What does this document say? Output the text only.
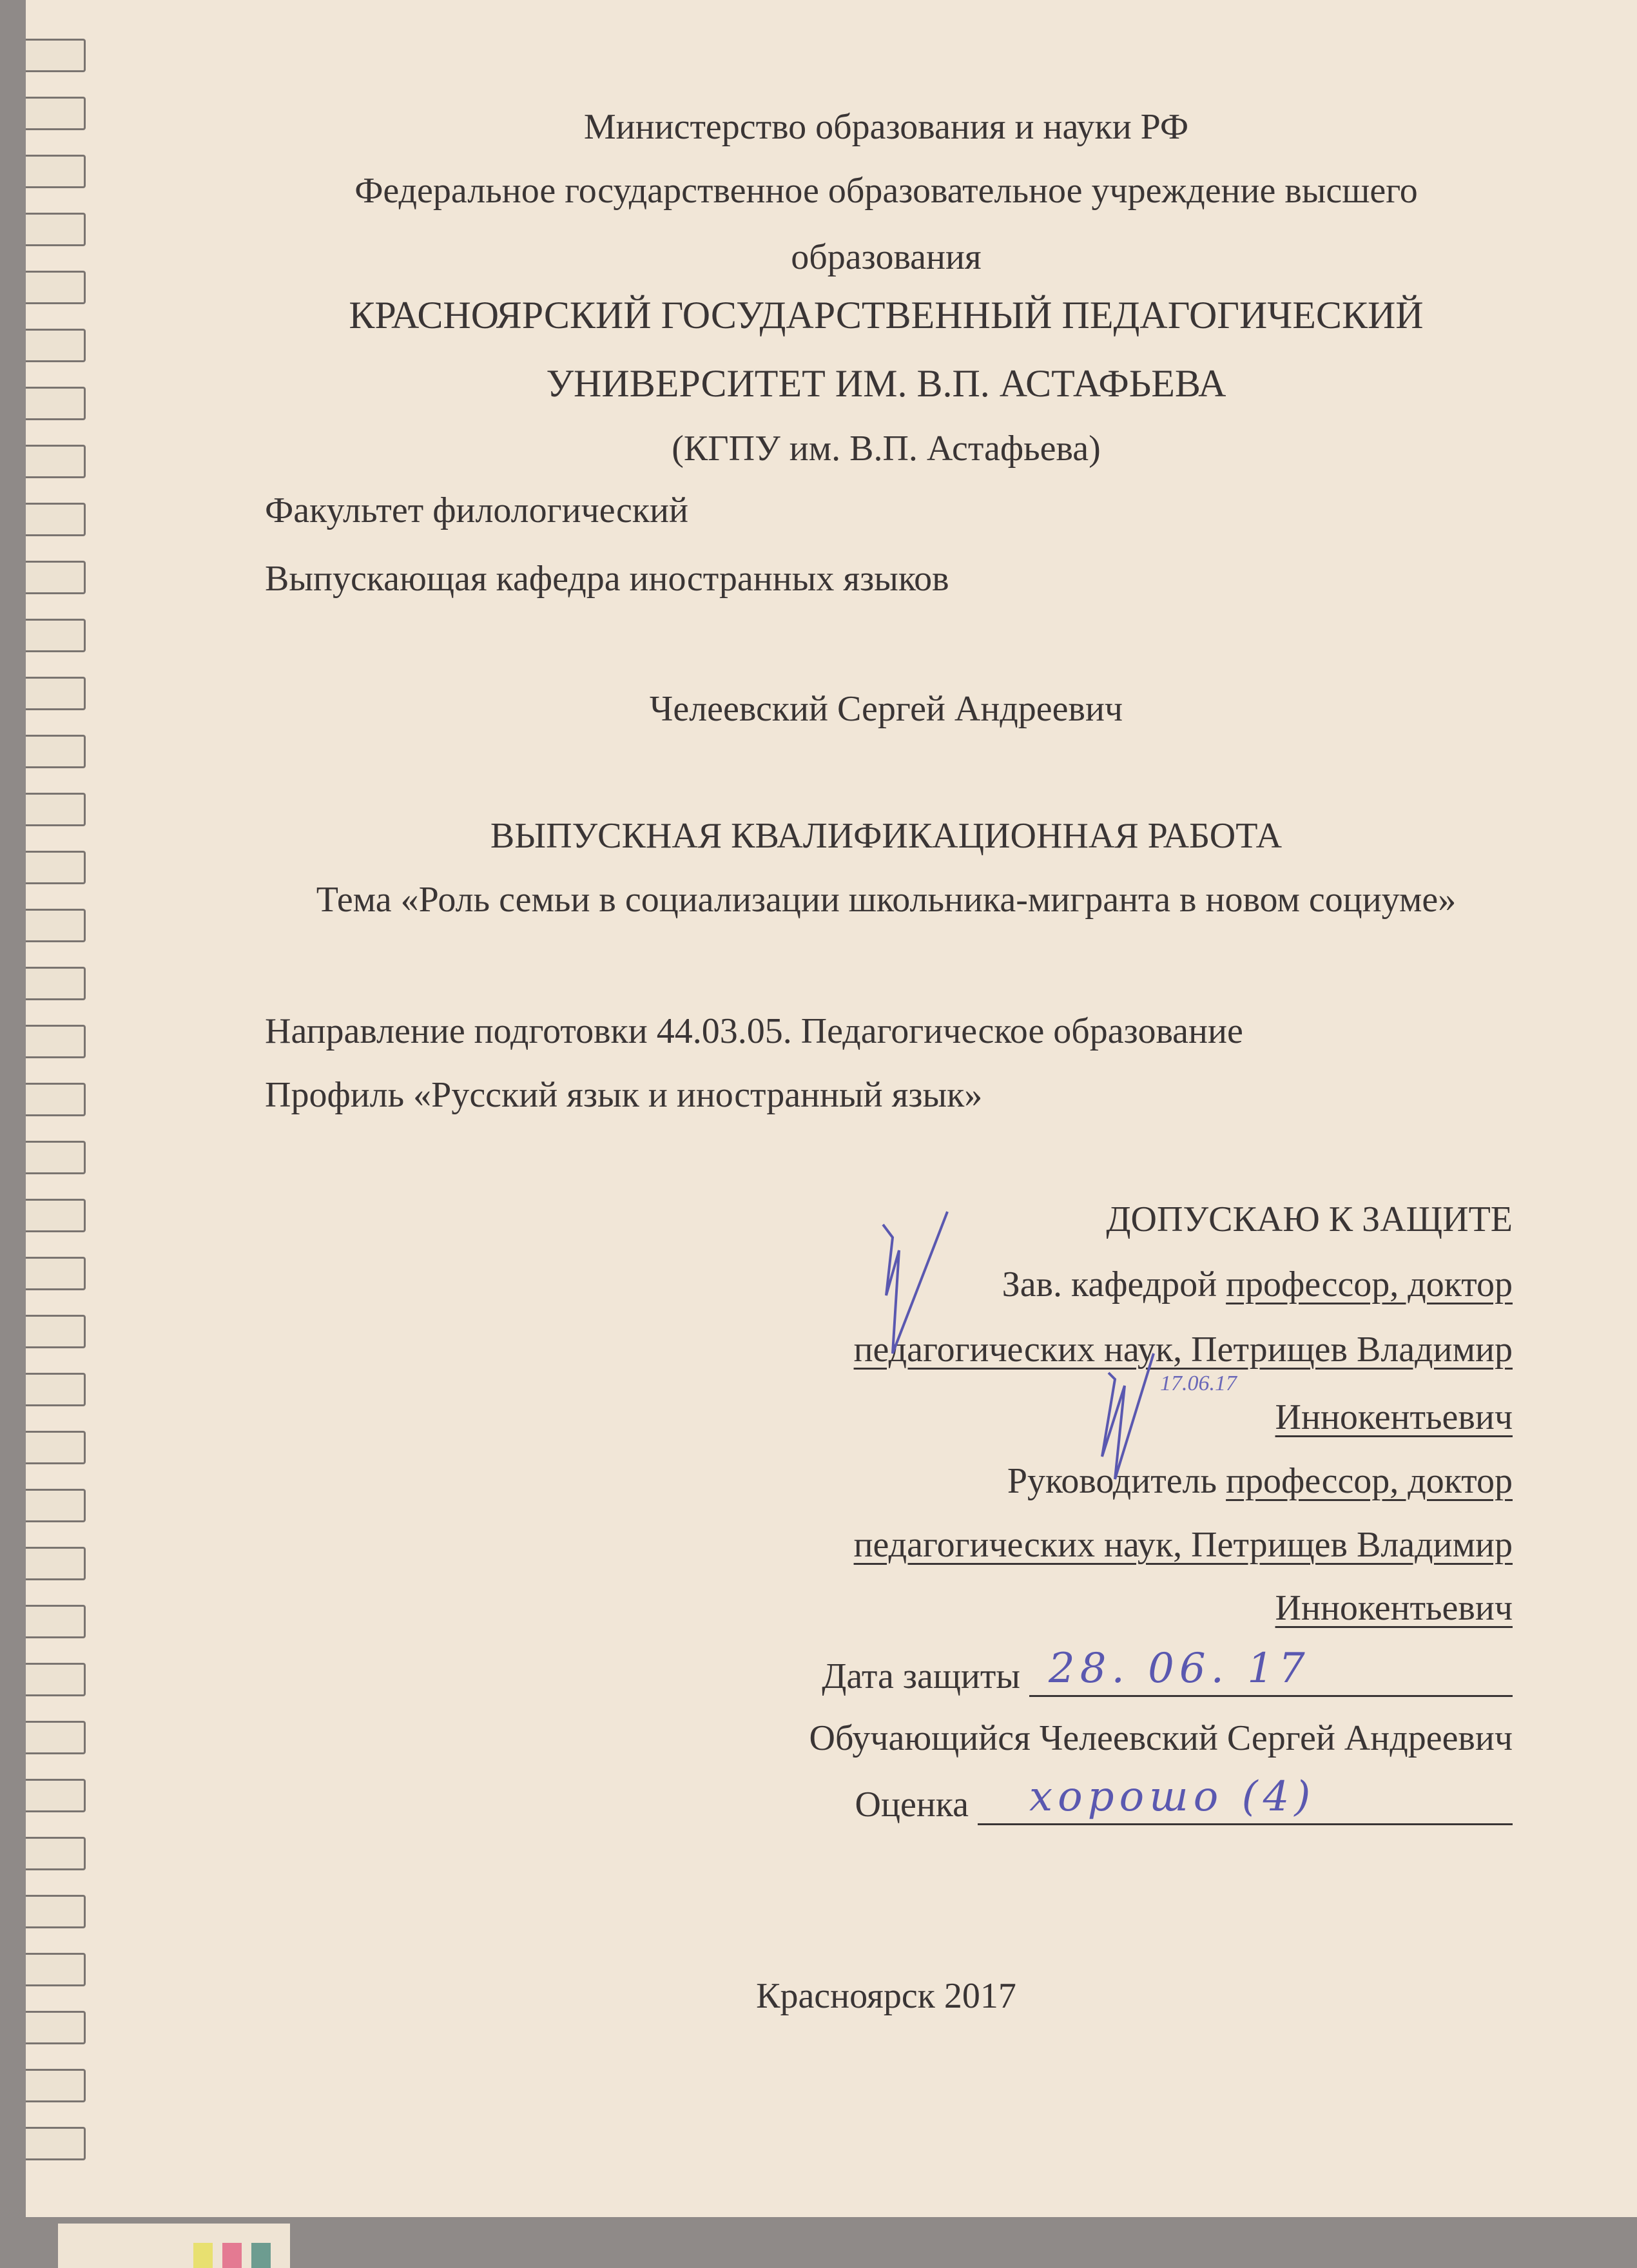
Министерство образования и науки РФ
Федеральное государственное образовательное учреждение высшего
образования
КРАСНОЯРСКИЙ ГОСУДАРСТВЕННЫЙ ПЕДАГОГИЧЕСКИЙ
УНИВЕРСИТЕТ ИМ. В.П. АСТАФЬЕВА
(КГПУ им. В.П. Астафьева)
Факультет филологический
Выпускающая кафедра иностранных языков
Челеевский Сергей Андреевич
ВЫПУСКНАЯ КВАЛИФИКАЦИОННАЯ РАБОТА
Тема «Роль семьи в социализации школьника-мигранта в новом социуме»
Направление подготовки 44.03.05. Педагогическое образование
Профиль «Русский язык и иностранный язык»
ДОПУСКАЮ К ЗАЩИТЕ
Зав. кафедрой профессор, доктор
педагогических наук, Петрищев Владимир
17.06.17
Иннокентьевич
Руководитель профессор, доктор
педагогических наук, Петрищев Владимир
Иннокентьевич
Дата защиты 28. 06. 17
Обучающийся Челеевский Сергей Андреевич
Оценка хорошо (4)
Красноярск 2017
